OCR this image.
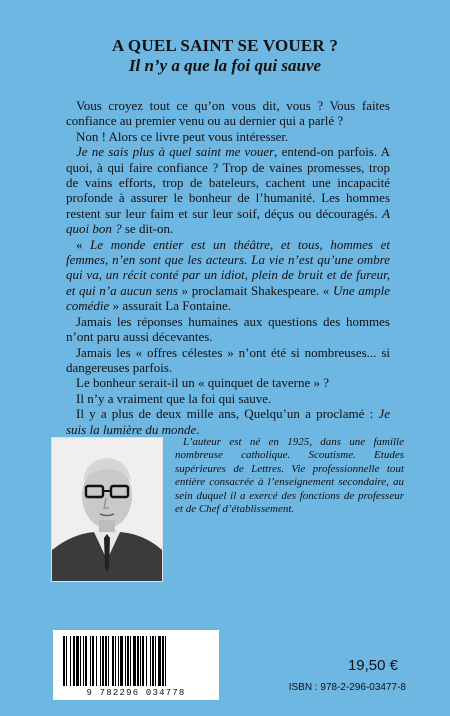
A QUEL SAINT SE VOUER ?
Il n’y a que la foi qui sauve

Vous croyez tout ce qu’on vous dit, vous ? Vous faites confiance au premier venu ou au dernier qui a parlé ?

Non ! Alors ce livre peut vous intéresser.

Je ne sais plus à quel saint me vouer, entend-on parfois. A quoi, à qui faire confiance ? Trop de vaines promesses, trop de vains efforts, trop de bateleurs, cachent une incapacité profonde à assurer le bonheur de l’humanité. Les hommes restent sur leur faim et sur leur soif, déçus ou découragés. A quoi bon ? se dit-on.

« Le monde entier est un théâtre, et tous, hommes et femmes, n’en sont que les acteurs. La vie n’est qu’une ombre qui va, un récit conté par un idiot, plein de bruit et de fureur, et qui n’a aucun sens » proclamait Shakespeare. « Une ample comédie » assurait La Fontaine.

Jamais les réponses humaines aux questions des hommes n’ont paru aussi décevantes.

Jamais les « offres célestes » n’ont été si nombreuses... si dangereuses parfois.

Le bonheur serait-il un « quinquet de taverne » ?

Il n’y a vraiment que la foi qui sauve.

Il y a plus de deux mille ans, Quelqu’un a proclamé : Je suis la lumière du monde.

L’auteur est né en 1925, dans une famille nombreuse catholique. Scoutisme. Etudes supérieures de Lettres. Vie professionnelle tout entière consacrée à l’enseignement secondaire, au sein duquel il a exercé des fonctions de professeur et de Chef d’établissement.
9 782296 034778
19,50 €
ISBN : 978-2-296-03477-8
